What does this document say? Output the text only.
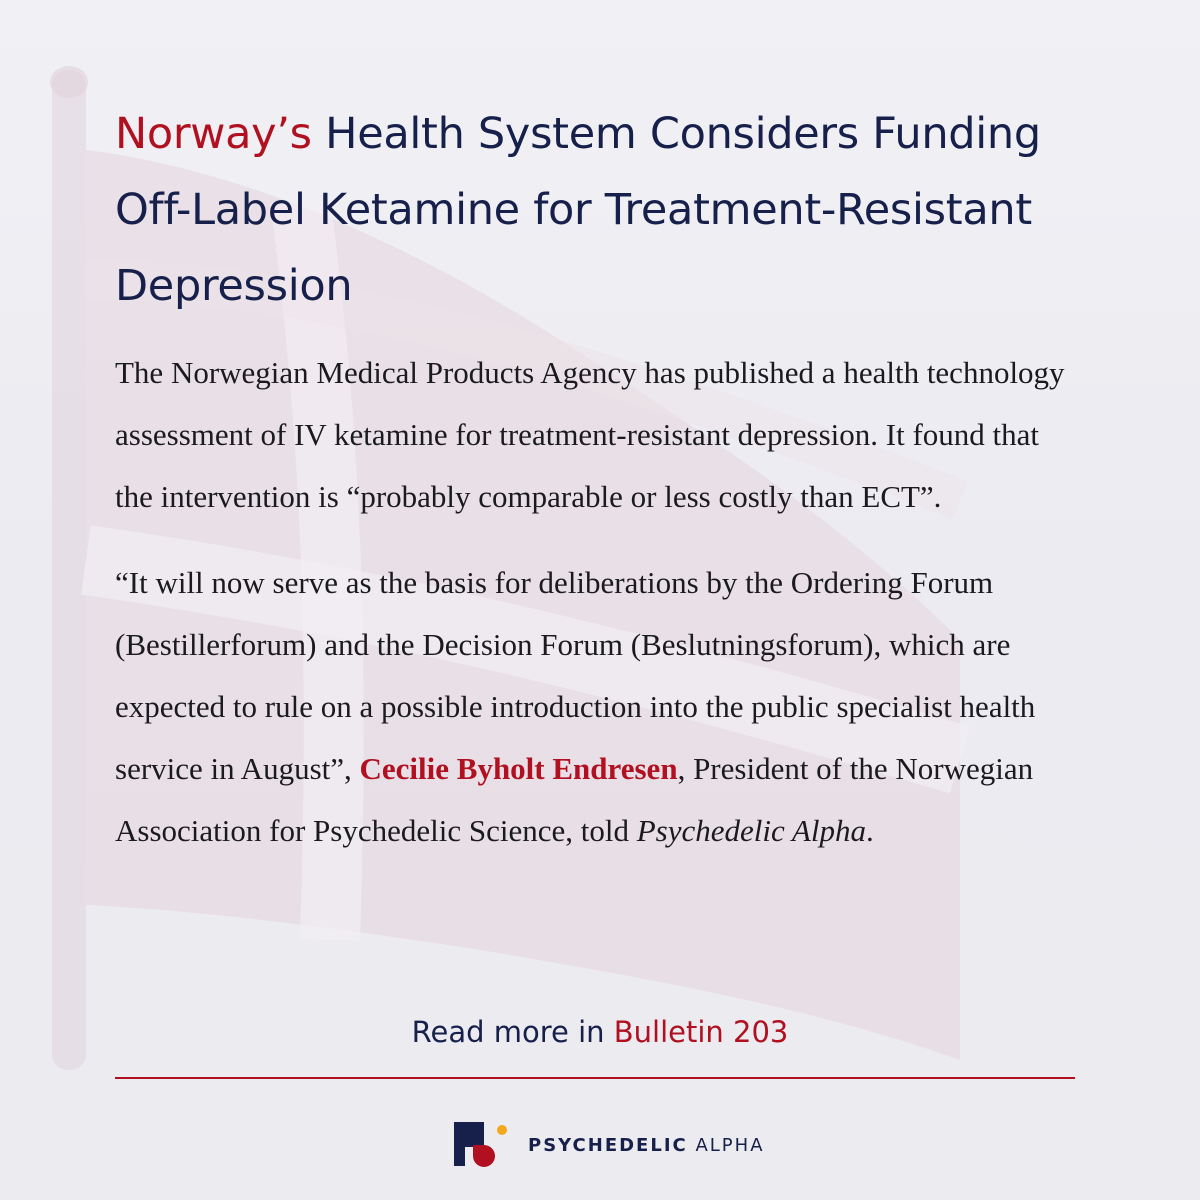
Norway’s Health System Considers Funding Off-Label Ketamine for Treatment-Resistant Depression

The Norwegian Medical Products Agency has published a health technology assessment of IV ketamine for treatment-resistant depression. It found that the intervention is “probably comparable or less costly than ECT”.

“It will now serve as the basis for deliberations by the Ordering Forum (Bestillerforum) and the Decision Forum (Beslutningsforum), which are expected to rule on a possible introduction into the public specialist health service in August”, Cecilie Byholt Endresen, President of the Norwegian Association for Psychedelic Science, told Psychedelic Alpha.

Read more in Bulletin 203
PSYCHEDELIC ALPHA
